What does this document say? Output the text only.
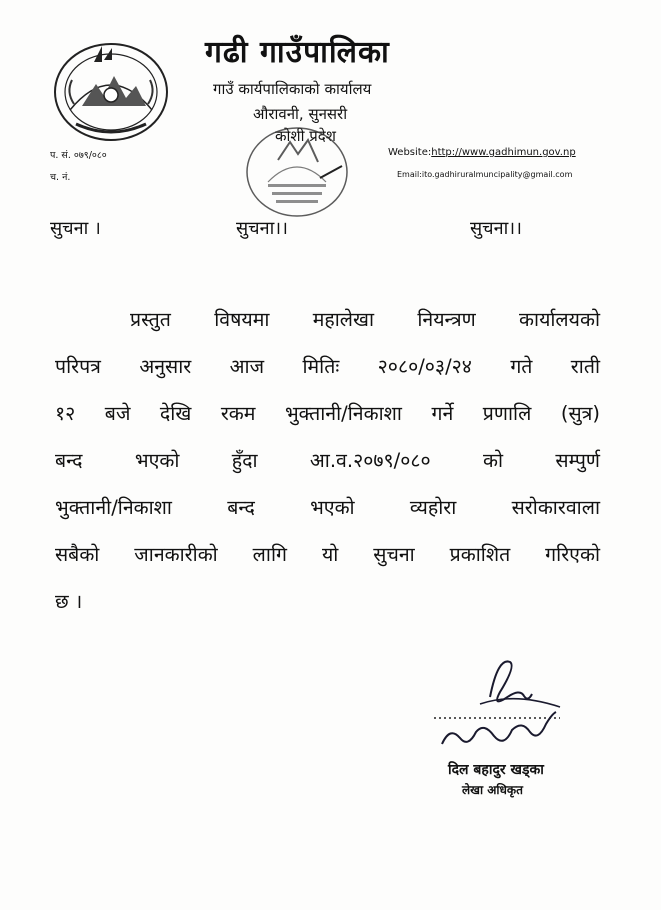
गढी गाउँपालिका
गाउँ कार्यपालिकाको कार्यालय
औरावनी, सुनसरी
कोशी प्रदेश
प. सं. ०७९/०८०
च. नं.
Website:http://www.gadhimun.gov.np
Email:ito.gadhiruralmuncipality@gmail.com
सुचना ।	सुचना।।	सुचना।।
प्रस्तुत विषयमा महालेखा नियन्त्रण कार्यालयको
परिपत्र अनुसार आज मितिः २०८०/०३/२४ गते राती
१२ बजे देखि रकम भुक्तानी/निकाशा गर्ने प्रणालि (सुत्र)
बन्द भएको हुँदा आ.व.२०७९/०८० को सम्पुर्ण
भुक्तानी/निकाशा बन्द भएको व्यहोरा सरोकारवाला
सबैको जानकारीको लागि यो सुचना प्रकाशित गरिएको
छ ।
दिल बहादुर खड्का
लेखा अधिकृत
